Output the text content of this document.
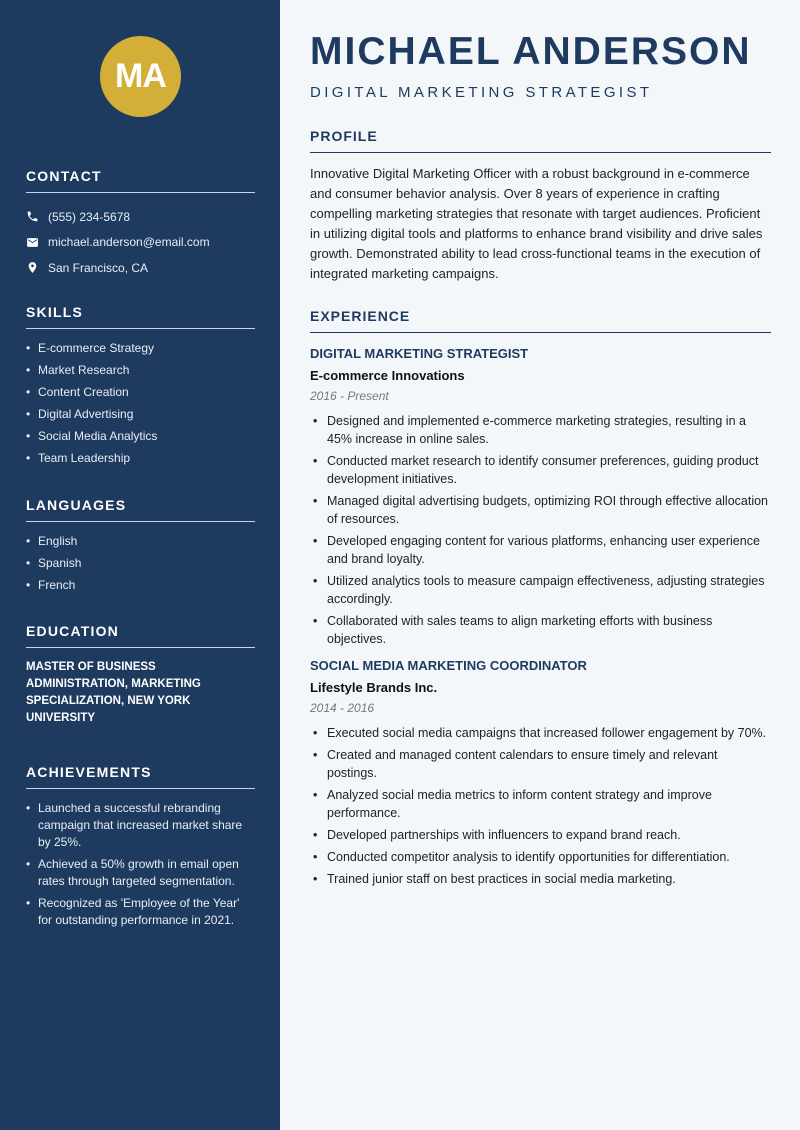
MA
CONTACT
(555) 234-5678
michael.anderson@email.com
San Francisco, CA
SKILLS
• E-commerce Strategy
• Market Research
• Content Creation
• Digital Advertising
• Social Media Analytics
• Team Leadership
LANGUAGES
• English
• Spanish
• French
EDUCATION
MASTER OF BUSINESS ADMINISTRATION, MARKETING SPECIALIZATION, NEW YORK UNIVERSITY
ACHIEVEMENTS
• Launched a successful rebranding campaign that increased market share by 25%.
• Achieved a 50% growth in email open rates through targeted segmentation.
• Recognized as 'Employee of the Year' for outstanding performance in 2021.
MICHAEL ANDERSON
DIGITAL MARKETING STRATEGIST
PROFILE
Innovative Digital Marketing Officer with a robust background in e-commerce and consumer behavior analysis. Over 8 years of experience in crafting compelling marketing strategies that resonate with target audiences. Proficient in utilizing digital tools and platforms to enhance brand visibility and drive sales growth. Demonstrated ability to lead cross-functional teams in the execution of integrated marketing campaigns.
EXPERIENCE
DIGITAL MARKETING STRATEGIST
E-commerce Innovations
2016 - Present
• Designed and implemented e-commerce marketing strategies, resulting in a 45% increase in online sales.
• Conducted market research to identify consumer preferences, guiding product development initiatives.
• Managed digital advertising budgets, optimizing ROI through effective allocation of resources.
• Developed engaging content for various platforms, enhancing user experience and brand loyalty.
• Utilized analytics tools to measure campaign effectiveness, adjusting strategies accordingly.
• Collaborated with sales teams to align marketing efforts with business objectives.
SOCIAL MEDIA MARKETING COORDINATOR
Lifestyle Brands Inc.
2014 - 2016
• Executed social media campaigns that increased follower engagement by 70%.
• Created and managed content calendars to ensure timely and relevant postings.
• Analyzed social media metrics to inform content strategy and improve performance.
• Developed partnerships with influencers to expand brand reach.
• Conducted competitor analysis to identify opportunities for differentiation.
• Trained junior staff on best practices in social media marketing.
